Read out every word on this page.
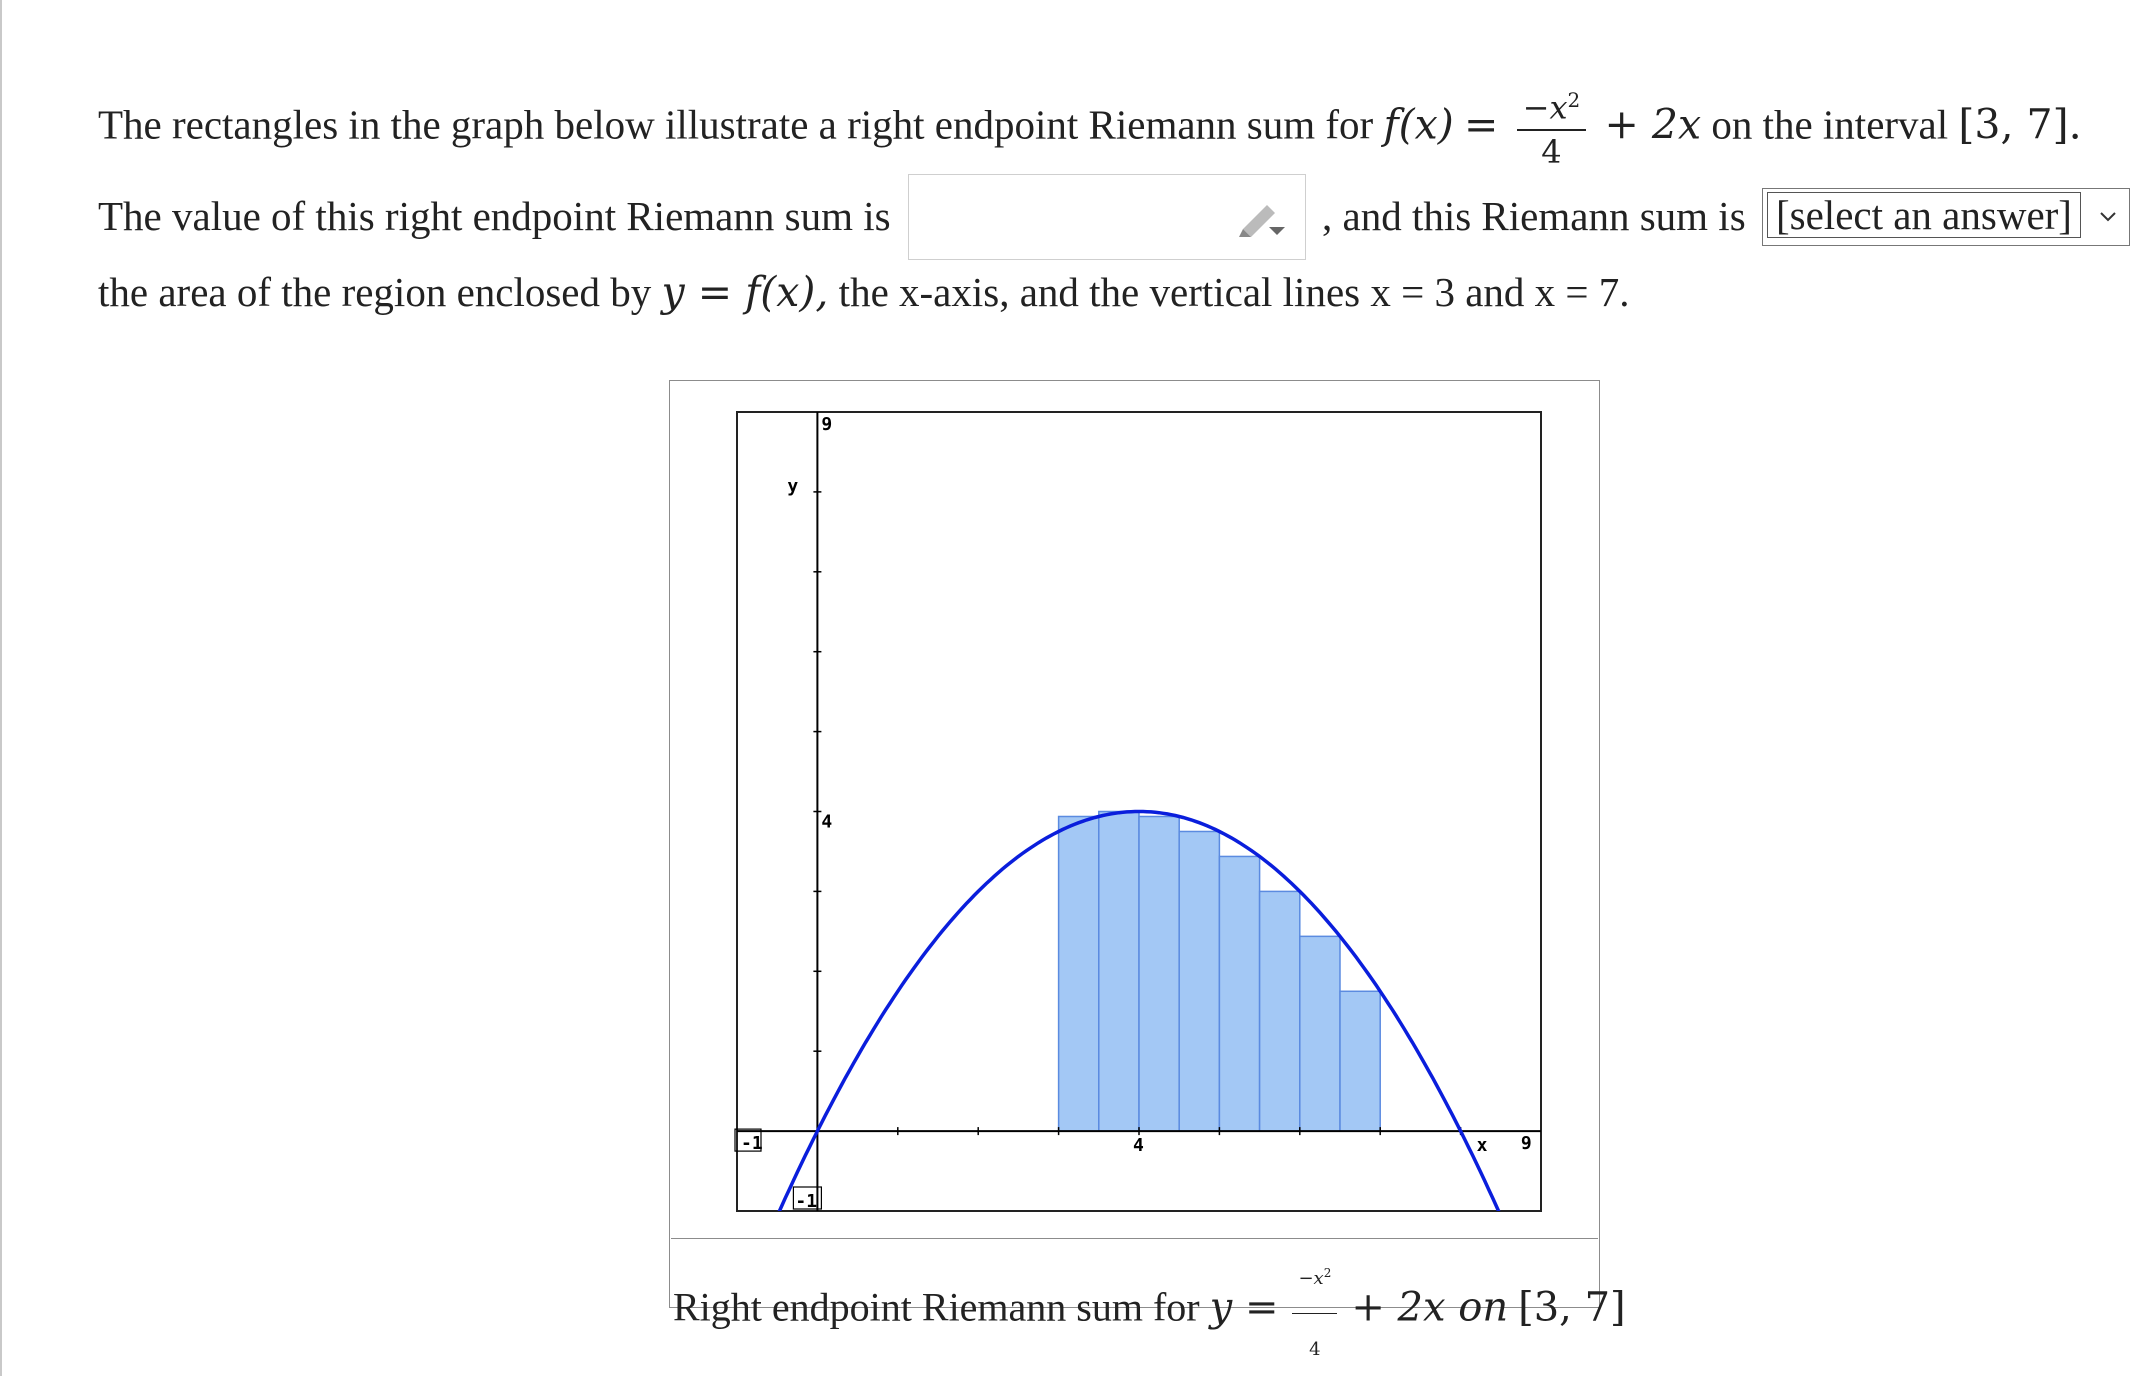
The rectangles in the graph below illustrate a right endpoint Riemann sum for $f(x) = \frac{-x^2}{4} + 2x$ on the interval [3, 7].
The value of this right endpoint Riemann sum is	, and this Riemann sum is [select an answer]
the area of the region enclosed by y = f(x), the x-axis, and the vertical lines x = 3 and x = 7.
-1	4	x 9
9
y
4
-1
Right endpoint Riemann sum for $y = \frac{-x^2}{4} + 2x$ on [3, 7]
